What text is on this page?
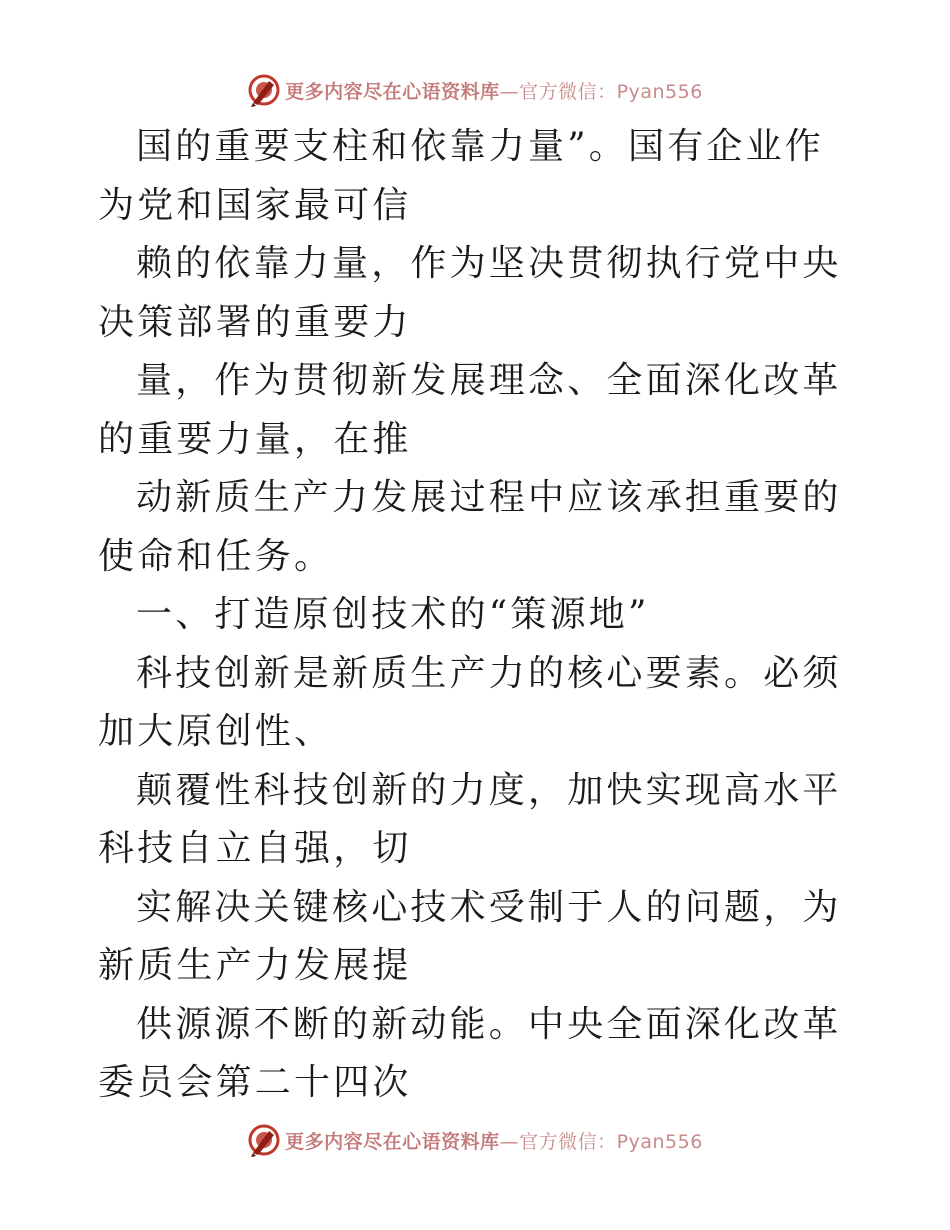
更多内容尽在心语资料库—官方微信：Pyan556

国的重要支柱和依靠力量”。国有企业作为党和国家最可信

赖的依靠力量，作为坚决贯彻执行党中央决策部署的重要力

量，作为贯彻新发展理念、全面深化改革的重要力量，在推

动新质生产力发展过程中应该承担重要的使命和任务。

一、打造原创技术的“策源地”

科技创新是新质生产力的核心要素。必须加大原创性、

颠覆性科技创新的力度，加快实现高水平科技自立自强，切

实解决关键核心技术受制于人的问题，为新质生产力发展提

供源源不断的新动能。中央全面深化改革委员会第二十四次

更多内容尽在心语资料库—官方微信：Pyan556
